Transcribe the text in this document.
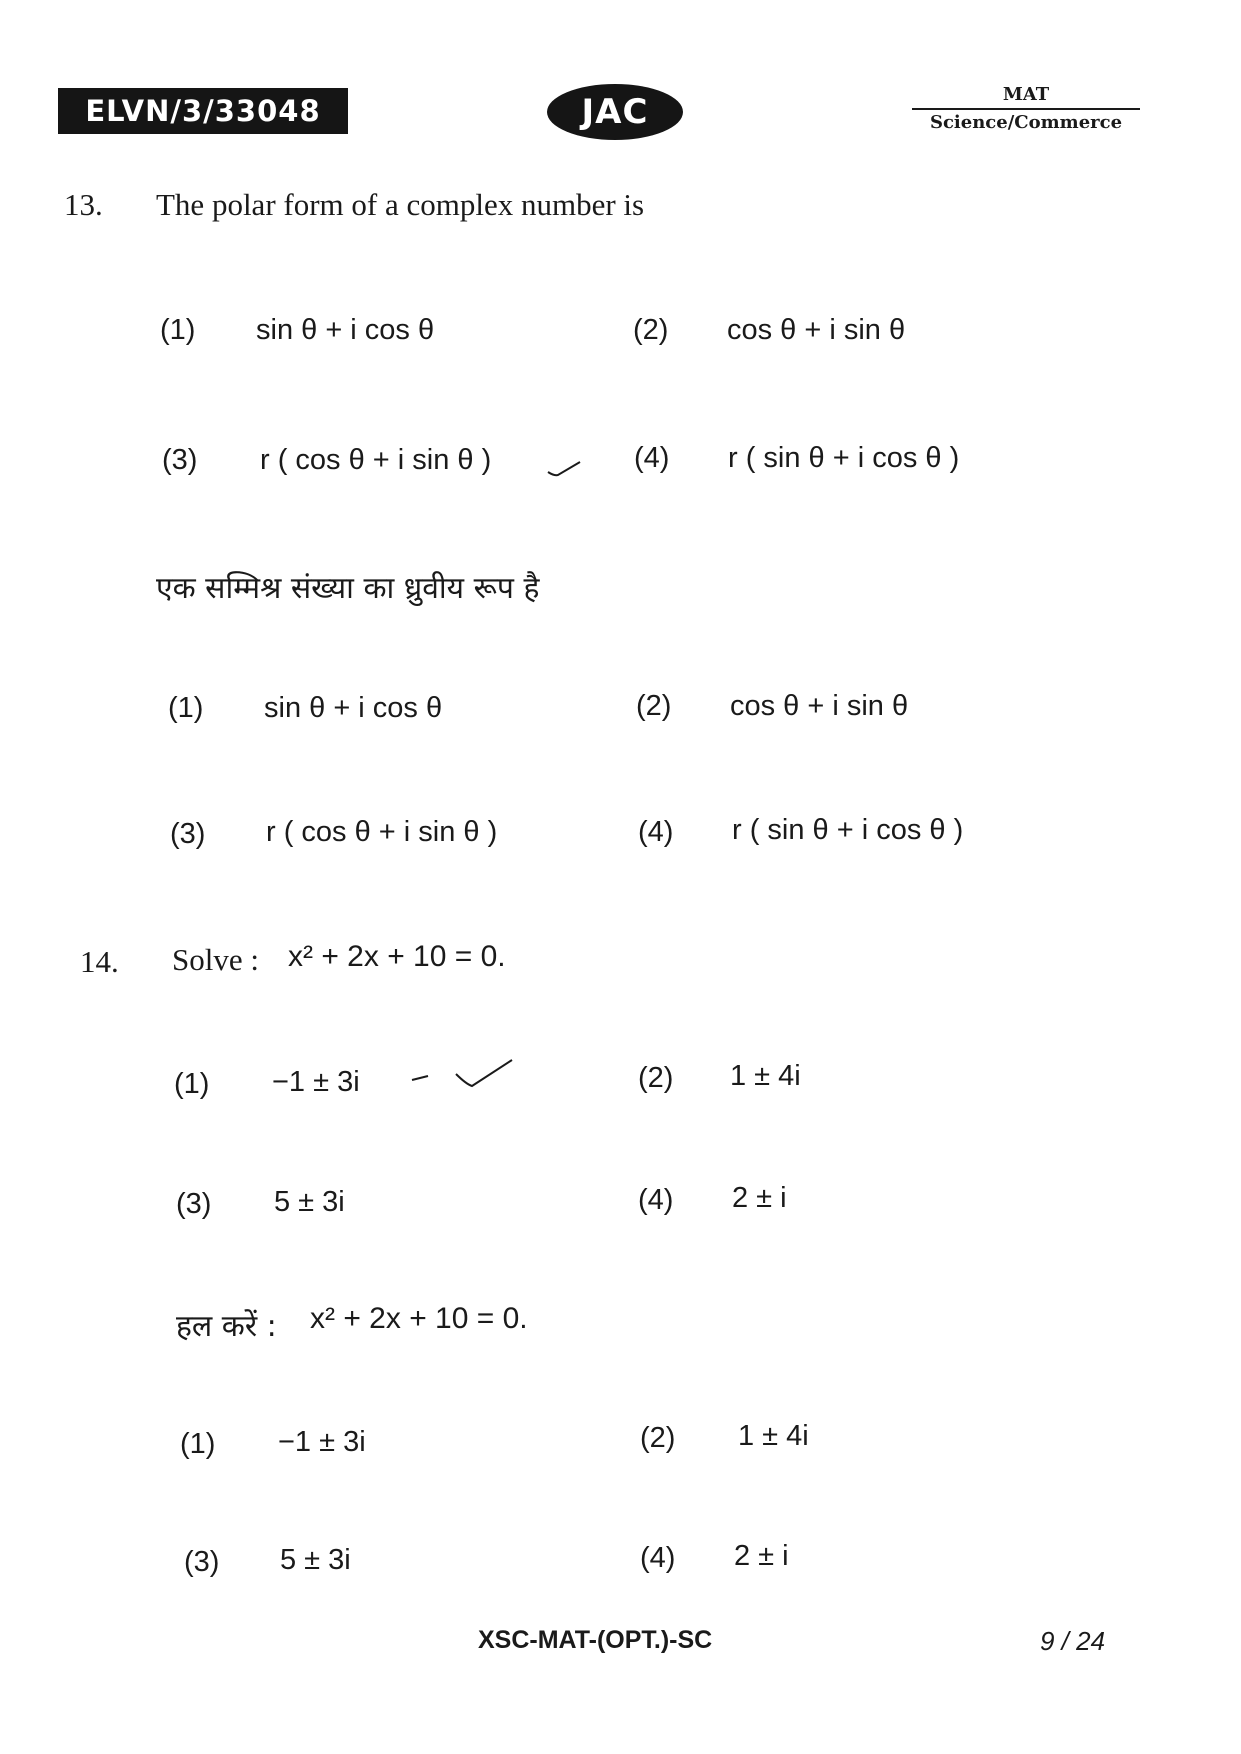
ELVN/3/33048	JAC	MAT
Science/Commerce
13. The polar form of a complex number is
(1) sin θ + i cos θ	(2) cos θ + i sin θ
(3) r ( cos θ + i sin θ )	(4) r ( sin θ + i cos θ )
एक सम्मिश्र संख्या का ध्रुवीय रूप है
(1) sin θ + i cos θ	(2) cos θ + i sin θ
(3) r ( cos θ + i sin θ )	(4) r ( sin θ + i cos θ )
14. Solve : x² + 2x + 10 = 0.
(1) −1 ± 3i	(2) 1 ± 4i
(3) 5 ± 3i	(4) 2 ± i
हल करें : x² + 2x + 10 = 0.
(1) −1 ± 3i	(2) 1 ± 4i
(3) 5 ± 3i	(4) 2 ± i
XSC-MAT-(OPT.)-SC	9 / 24
